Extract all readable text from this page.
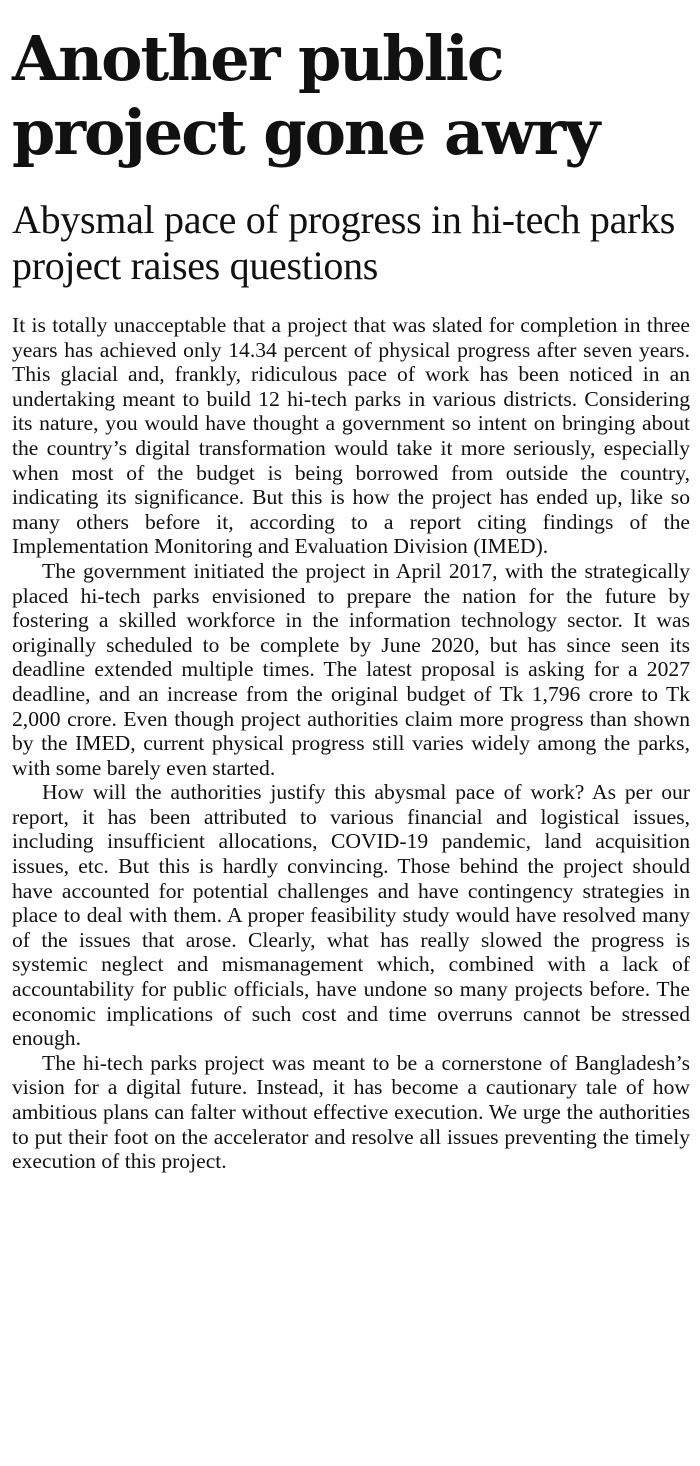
Another public project gone awry
Abysmal pace of progress in hi-tech parks project raises questions

It is totally unacceptable that a project that was slated for completion in three years has achieved only 14.34 percent of physical progress after seven years. This glacial and, frankly, ridiculous pace of work has been noticed in an undertaking meant to build 12 hi-tech parks in various districts. Considering its nature, you would have thought a government so intent on bringing about the country’s digital transformation would take it more seriously, especially when most of the budget is being borrowed from outside the country, indicating its significance. But this is how the project has ended up, like so many others before it, according to a report citing findings of the Implementation Monitoring and Evaluation Division (IMED).

The government initiated the project in April 2017, with the strategically placed hi-tech parks envisioned to prepare the nation for the future by fostering a skilled workforce in the information technology sector. It was originally scheduled to be complete by June 2020, but has since seen its deadline extended multiple times. The latest proposal is asking for a 2027 deadline, and an increase from the original budget of Tk 1,796 crore to Tk 2,000 crore. Even though project authorities claim more progress than shown by the IMED, current physical progress still varies widely among the parks, with some barely even started.

How will the authorities justify this abysmal pace of work? As per our report, it has been attributed to various financial and logistical issues, including insufficient allocations, COVID-19 pandemic, land acquisition issues, etc. But this is hardly convincing. Those behind the project should have accounted for potential challenges and have contingency strategies in place to deal with them. A proper feasibility study would have resolved many of the issues that arose. Clearly, what has really slowed the progress is systemic neglect and mismanagement which, combined with a lack of accountability for public officials, have undone so many projects before. The economic implications of such cost and time overruns cannot be stressed enough.

The hi-tech parks project was meant to be a cornerstone of Bangladesh’s vision for a digital future. Instead, it has become a cautionary tale of how ambitious plans can falter without effective execution. We urge the authorities to put their foot on the accelerator and resolve all issues preventing the timely execution of this project.
